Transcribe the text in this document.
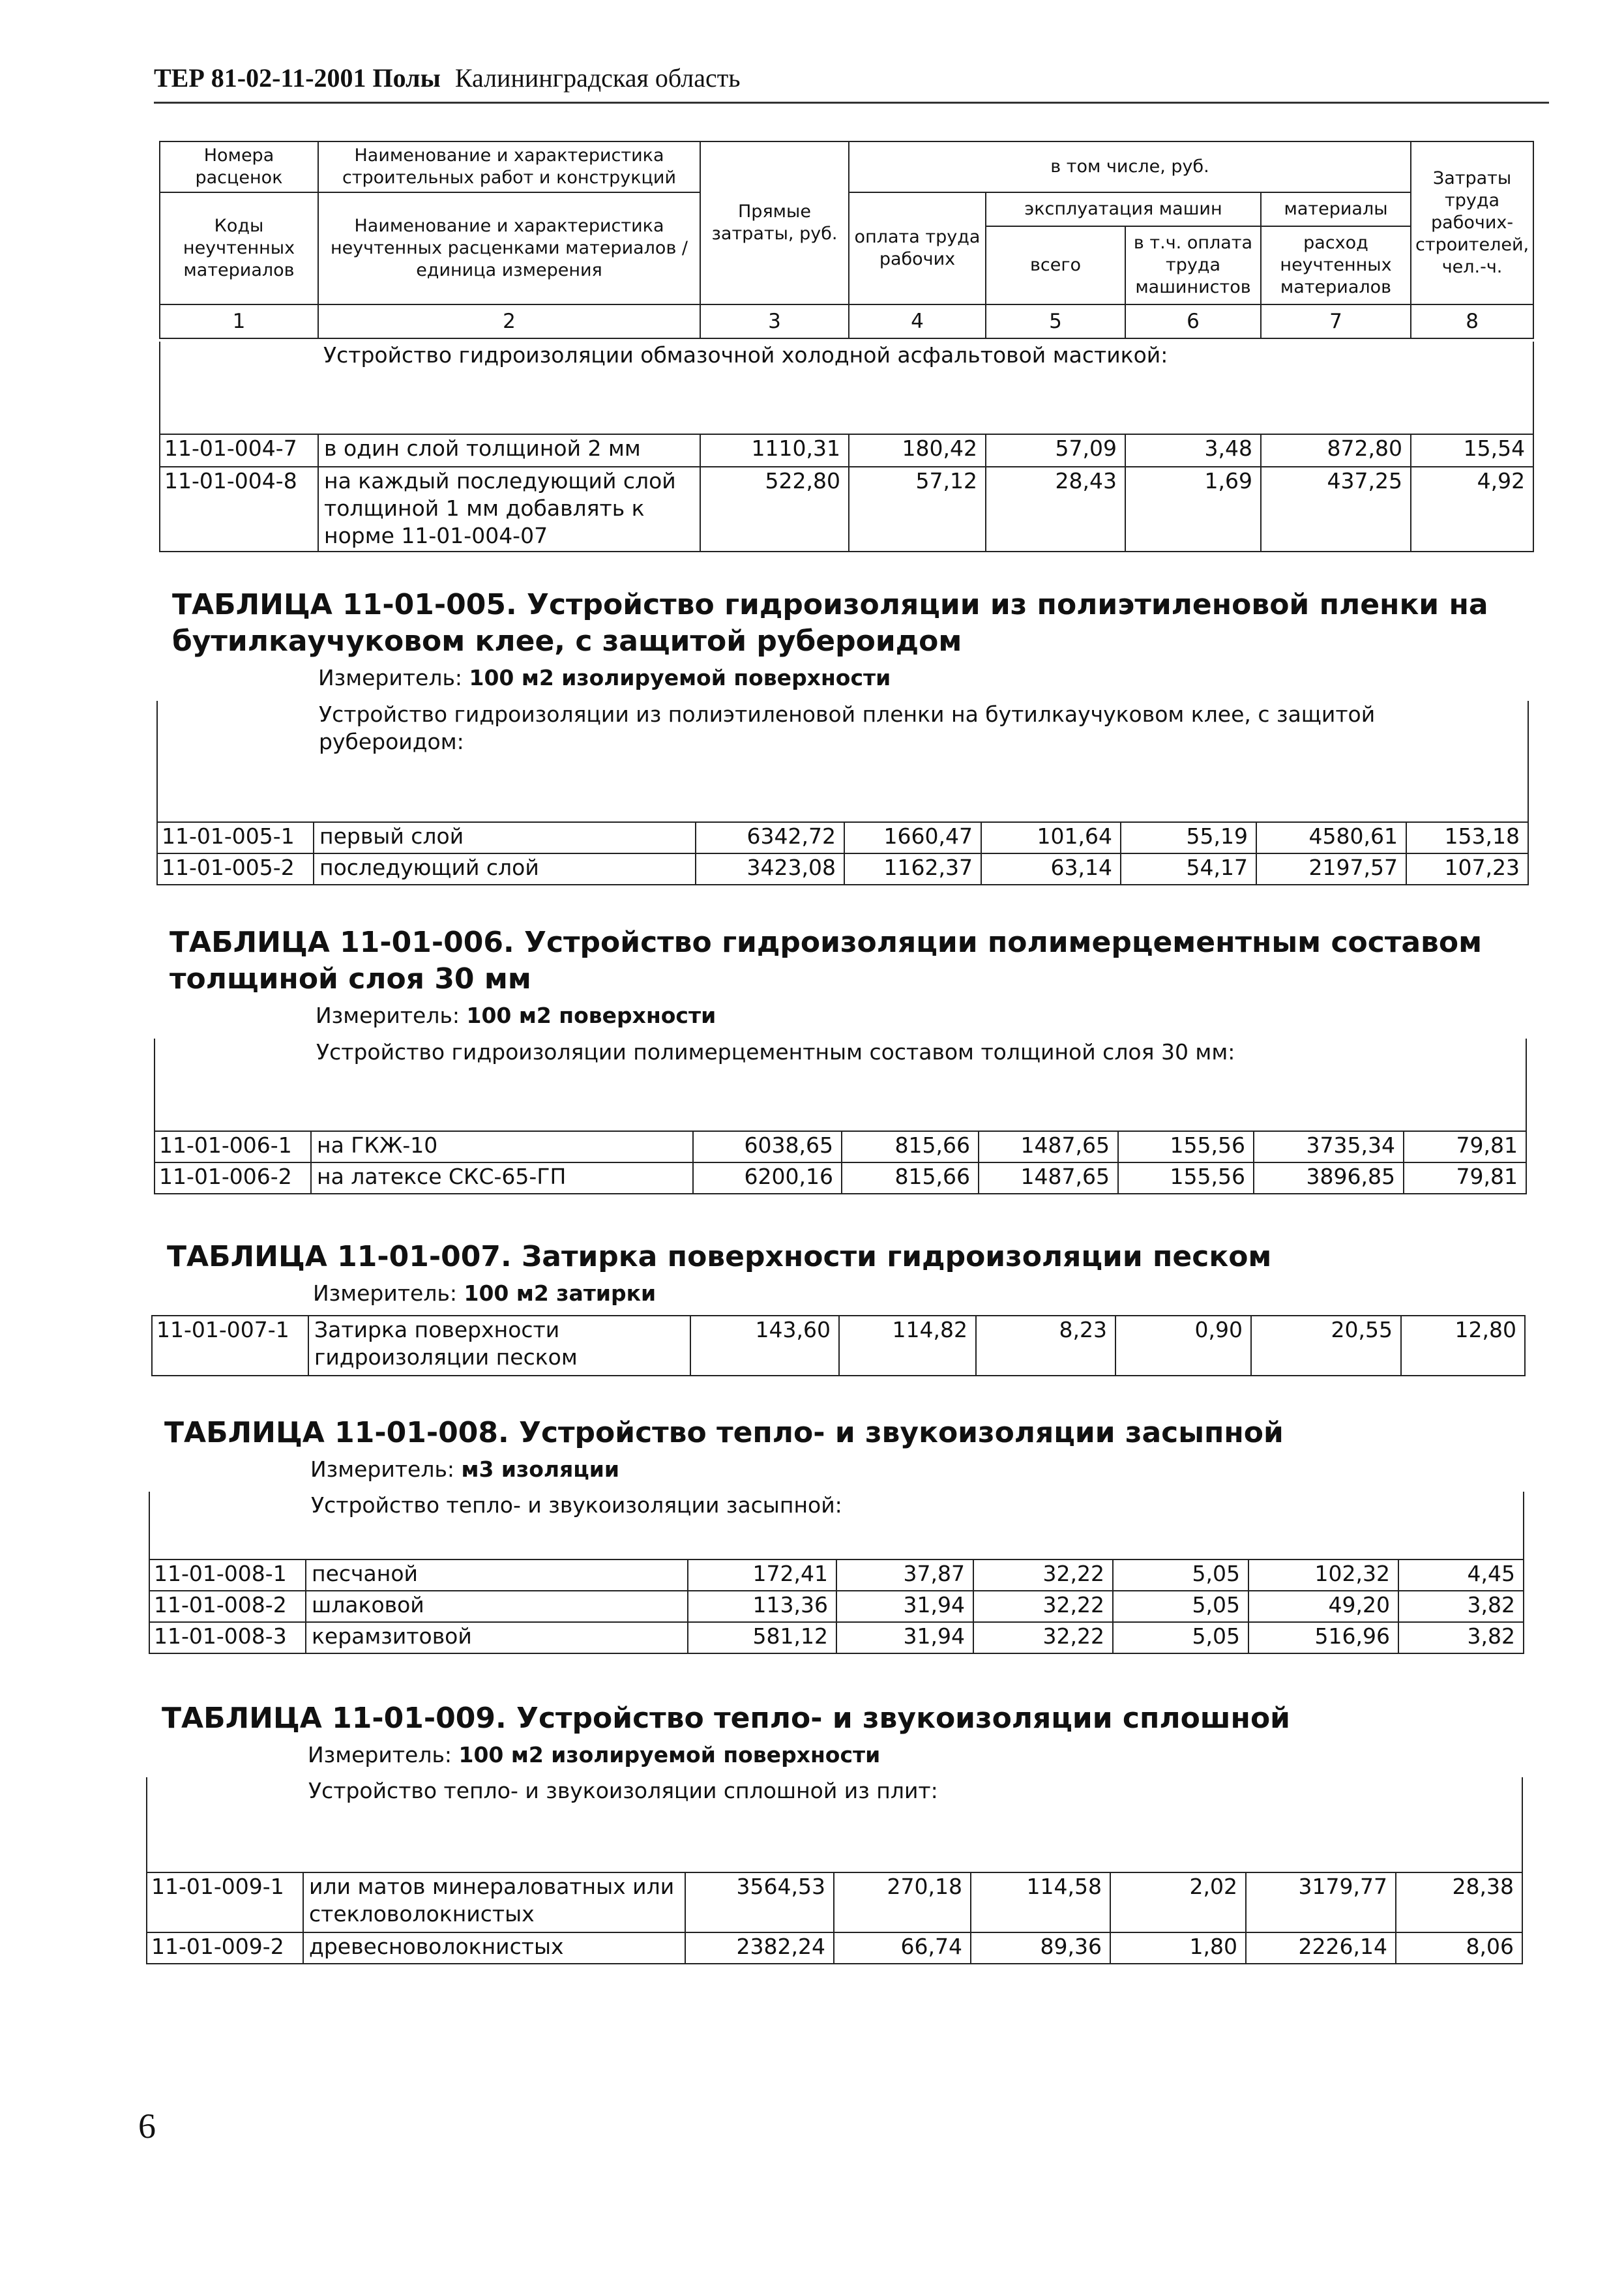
ТЕР 81-02-11-2001 Полы Калининградская область
Номера расценок	Наименование и характеристика строительных работ и конструкций	Прямые затраты, руб.	в том числе, руб.				Затраты труда рабочих-строителей, чел.-ч.
Коды неучтенных материалов	Наименование и характеристика неучтенных расценками материалов / единица измерения		оплата труда рабочих	эксплуатация машин		материалы	
				всего	в т.ч. оплата труда машинистов	расход неучтенных материалов	

1	2	3	4	5	6	7	8
	Устройство гидроизоляции обмазочной холодной асфальтовой мастикой:						
11-01-004-7	в один слой толщиной 2 мм	1110,31	180,42	57,09	3,48	872,80	15,54
11-01-004-8	на каждый последующий слой толщиной 1 мм добавлять к норме 11-01-004-07	522,80	57,12	28,43	1,69	437,25	4,92
ТАБЛИЦА 11-01-005. Устройство гидроизоляции из полиэтиленовой пленки на бутилкаучуковом клее, с защитой рубероидом
Измеритель: 100 м2 изолируемой поверхности
	Устройство гидроизоляции из полиэтиленовой пленки на бутилкаучуковом клее, с защитой рубероидом:						
11-01-005-1	первый слой	6342,72	1660,47	101,64	55,19	4580,61	153,18
11-01-005-2	последующий слой	3423,08	1162,37	63,14	54,17	2197,57	107,23
ТАБЛИЦА 11-01-006. Устройство гидроизоляции полимерцементным составом толщиной слоя 30 мм
Измеритель: 100 м2 поверхности
	Устройство гидроизоляции полимерцементным составом толщиной слоя 30 мм:						
11-01-006-1	на ГКЖ-10	6038,65	815,66	1487,65	155,56	3735,34	79,81
11-01-006-2	на латексе СКС-65-ГП	6200,16	815,66	1487,65	155,56	3896,85	79,81
ТАБЛИЦА 11-01-007. Затирка поверхности гидроизоляции песком
Измеритель: 100 м2 затирки
11-01-007-1	Затирка поверхности гидроизоляции песком	143,60	114,82	8,23	0,90	20,55	12,80
ТАБЛИЦА 11-01-008. Устройство тепло- и звукоизоляции засыпной
Измеритель: м3 изоляции
	Устройство тепло- и звукоизоляции засыпной:						
11-01-008-1	песчаной	172,41	37,87	32,22	5,05	102,32	4,45
11-01-008-2	шлаковой	113,36	31,94	32,22	5,05	49,20	3,82
11-01-008-3	керамзитовой	581,12	31,94	32,22	5,05	516,96	3,82
ТАБЛИЦА 11-01-009. Устройство тепло- и звукоизоляции сплошной
Измеритель: 100 м2 изолируемой поверхности
	Устройство тепло- и звукоизоляции сплошной из плит:						
11-01-009-1	или матов минераловатных или стекловолокнистых	3564,53	270,18	114,58	2,02	3179,77	28,38
11-01-009-2	древесноволокнистых	2382,24	66,74	89,36	1,80	2226,14	8,06
6
